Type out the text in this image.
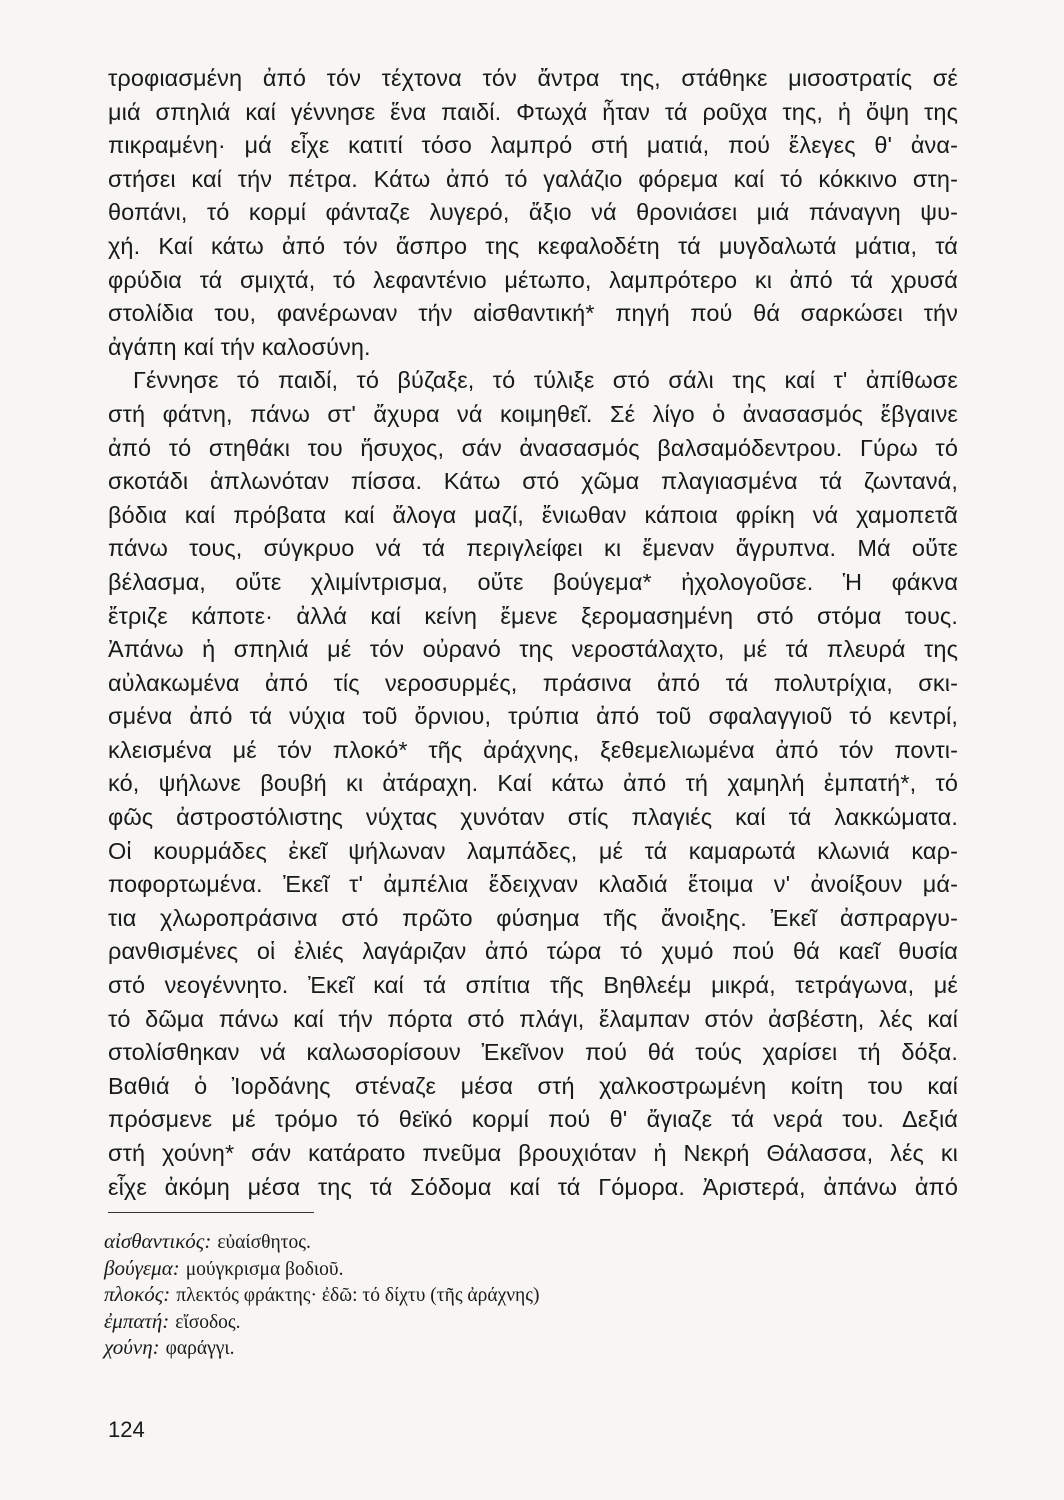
τροφιασμένη ἀπό τόν τέχτονα τόν ἄντρα της, στάθηκε μισοστρατίς σέ
μιά σπηλιά καί γέννησε ἕνα παιδί. Φτωχά ἦταν τά ροῦχα της, ἡ ὄψη της
πικραμένη· μά εἶχε κατιτί τόσο λαμπρό στή ματιά, πού ἔλεγες θ' ἀνα-
στήσει καί τήν πέτρα. Κάτω ἀπό τό γαλάζιο φόρεμα καί τό κόκκινο στη-
θοπάνι, τό κορμί φάνταζε λυγερό, ἄξιο νά θρονιάσει μιά πάναγνη ψυ-
χή. Καί κάτω ἀπό τόν ἄσπρο της κεφαλοδέτη τά μυγδαλωτά μάτια, τά
φρύδια τά σμιχτά, τό λεφαντένιο μέτωπο, λαμπρότερο κι ἀπό τά χρυσά
στολίδια του, φανέρωναν τήν αἰσθαντική* πηγή πού θά σαρκώσει τήν
ἀγάπη καί τήν καλοσύνη.
Γέννησε τό παιδί, τό βύζαξε, τό τύλιξε στό σάλι της καί τ' ἀπίθωσε
στή φάτνη, πάνω στ' ἄχυρα νά κοιμηθεῖ. Σέ λίγο ὁ ἀνασασμός ἔβγαινε
ἀπό τό στηθάκι του ἥσυχος, σάν ἀνασασμός βαλσαμόδεντρου. Γύρω τό
σκοτάδι ἁπλωνόταν πίσσα. Κάτω στό χῶμα πλαγιασμένα τά ζωντανά,
βόδια καί πρόβατα καί ἄλογα μαζί, ἔνιωθαν κάποια φρίκη νά χαμοπετᾶ
πάνω τους, σύγκρυο νά τά περιγλείφει κι ἔμεναν ἄγρυπνα. Μά οὔτε
βέλασμα, οὔτε χλιμίντρισμα, οὔτε βούγεμα* ἠχολογοῦσε. Ἡ φάκνα
ἔτριζε κάποτε· ἀλλά καί κείνη ἔμενε ξερομασημένη στό στόμα τους.
Ἀπάνω ἡ σπηλιά μέ τόν οὐρανό της νεροστάλαχτο, μέ τά πλευρά της
αὐλακωμένα ἀπό τίς νεροσυρμές, πράσινα ἀπό τά πολυτρίχια, σκι-
σμένα ἀπό τά νύχια τοῦ ὄρνιου, τρύπια ἀπό τοῦ σφαλαγγιοῦ τό κεντρί,
κλεισμένα μέ τόν πλοκό* τῆς ἀράχνης, ξεθεμελιωμένα ἀπό τόν ποντι-
κό, ψήλωνε βουβή κι ἀτάραχη. Καί κάτω ἀπό τή χαμηλή ἐμπατή*, τό
φῶς ἀστροστόλιστης νύχτας χυνόταν στίς πλαγιές καί τά λακκώματα.
Οἱ κουρμάδες ἐκεῖ ψήλωναν λαμπάδες, μέ τά καμαρωτά κλωνιά καρ-
ποφορτωμένα. Ἐκεῖ τ' ἀμπέλια ἔδειχναν κλαδιά ἕτοιμα ν' ἀνοίξουν μά-
τια χλωροπράσινα στό πρῶτο φύσημα τῆς ἄνοιξης. Ἐκεῖ ἀσπραργυ-
ρανθισμένες οἱ ἐλιές λαγάριζαν ἀπό τώρα τό χυμό πού θά καεῖ θυσία
στό νεογέννητο. Ἐκεῖ καί τά σπίτια τῆς Βηθλεέμ μικρά, τετράγωνα, μέ
τό δῶμα πάνω καί τήν πόρτα στό πλάγι, ἔλαμπαν στόν ἀσβέστη, λές καί
στολίσθηκαν νά καλωσορίσουν Ἐκεῖνον πού θά τούς χαρίσει τή δόξα.
Βαθιά ὁ Ἰορδάνης στέναζε μέσα στή χαλκοστρωμένη κοίτη του καί
πρόσμενε μέ τρόμο τό θεϊκό κορμί πού θ' ἄγιαζε τά νερά του. Δεξιά
στή χούνη* σάν κατάρατο πνεῦμα βρουχιόταν ἡ Νεκρή Θάλασσα, λές κι
εἶχε ἀκόμη μέσα της τά Σόδομα καί τά Γόμορα. Ἀριστερά, ἀπάνω ἀπό
αἰσθαντικός: εὐαίσθητος.
βούγεμα: μούγκρισμα βοδιοῦ.
πλοκός: πλεκτός φράκτης· ἐδῶ: τό δίχτυ (τῆς ἀράχνης)
ἐμπατή: εἴσοδος.
χούνη: φαράγγι.
124
